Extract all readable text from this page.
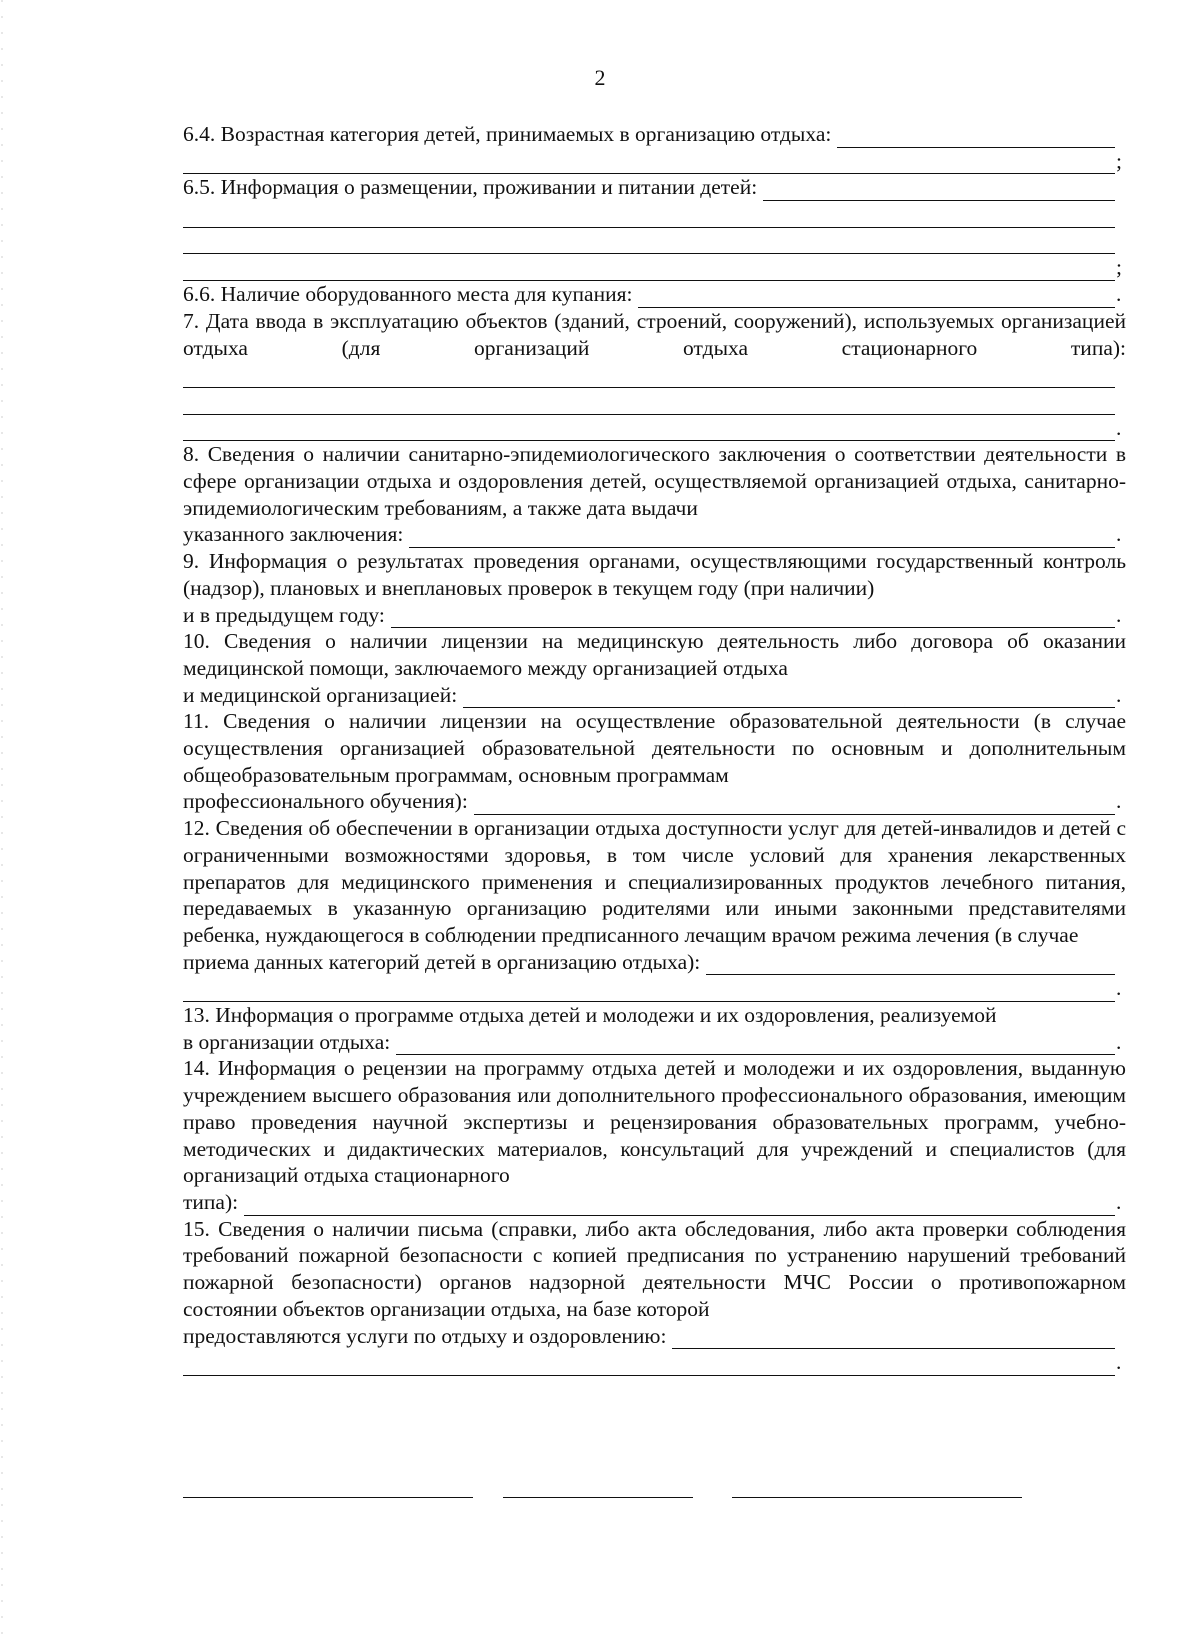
2
6.4. Возрастная категория детей, принимаемых в организацию отдыха:
;
6.5. Информация о размещении, проживании и питании детей:
;
6.6. Наличие оборудованного места для купания:	.
7. Дата ввода в эксплуатацию объектов (зданий, строений, сооружений), используемых организацией отдыха (для организаций отдыха стационарного типа):
.
8. Сведения о наличии санитарно-эпидемиологического заключения о соответствии деятельности в сфере организации отдыха и оздоровления детей, осуществляемой организацией отдыха, санитарно-эпидемиологическим требованиям, а также дата выдачи
указанного заключения:	.
9. Информация о результатах проведения органами, осуществляющими государственный контроль (надзор), плановых и внеплановых проверок в текущем году (при наличии)
и в предыдущем году:	.
10. Сведения о наличии лицензии на медицинскую деятельность либо договора об оказании медицинской помощи, заключаемого между организацией отдыха
и медицинской организацией:	.
11. Сведения о наличии лицензии на осуществление образовательной деятельности (в случае осуществления организацией образовательной деятельности по основным и дополнительным общеобразовательным программам, основным программам
профессионального обучения):	.
12. Сведения об обеспечении в организации отдыха доступности услуг для детей-инвалидов и детей с ограниченными возможностями здоровья, в том числе условий для хранения лекарственных препаратов для медицинского применения и специализированных продуктов лечебного питания, передаваемых в указанную организацию родителями или иными законными представителями ребенка, нуждающегося в соблюдении предписанного лечащим врачом режима лечения (в случае
приема данных категорий детей в организацию отдыха):
.
13. Информация о программе отдыха детей и молодежи и их оздоровления, реализуемой
в организации отдыха:	.
14. Информация о рецензии на программу отдыха детей и молодежи и их оздоровления, выданную учреждением высшего образования или дополнительного профессионального образования, имеющим право проведения научной экспертизы и рецензирования образовательных программ, учебно-методических и дидактических материалов, консультаций для учреждений и специалистов (для организаций отдыха стационарного
типа):	.
15. Сведения о наличии письма (справки, либо акта обследования, либо акта проверки соблюдения требований пожарной безопасности с копией предписания по устранению нарушений требований пожарной безопасности) органов надзорной деятельности МЧС России о противопожарном состоянии объектов организации отдыха, на базе которой
предоставляются услуги по отдыху и оздоровлению:
.
